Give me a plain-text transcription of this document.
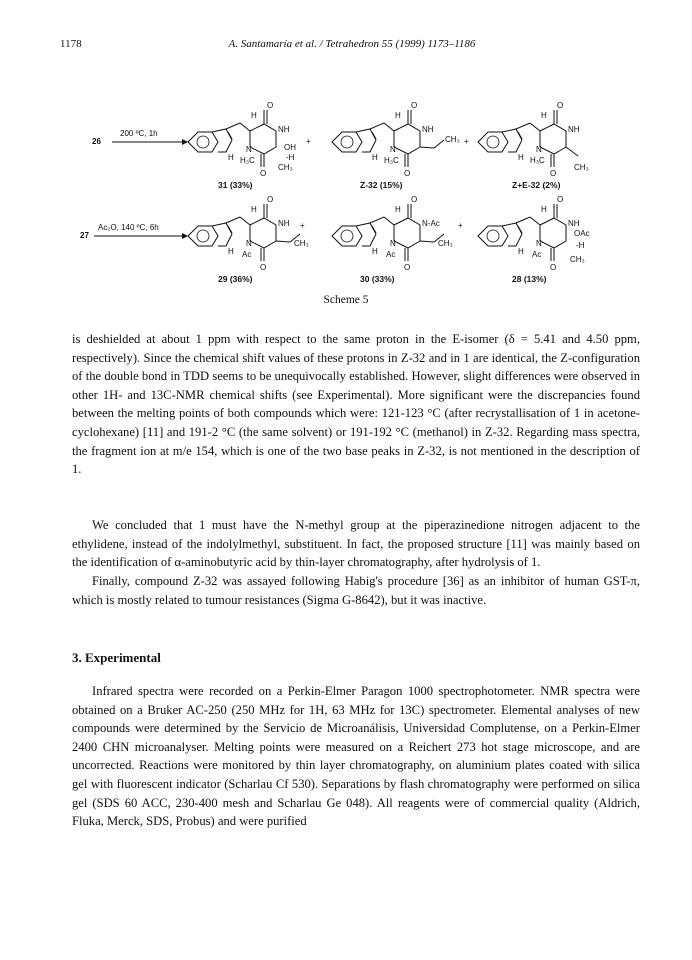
1178	A. Santamaría et al. / Tetrahedron 55 (1999) 1173–1186
26
200 ºC, 1h
H
O
NH
N
H H₃C
O
OH
-H
CH₃
+
H
O
NH
N
H H₃C
O
CH₃ +
H
O
NH
N
H H₃C
O
CH₃
31 (33%)	Z-32 (15%)	Z+E-32 (2%)
27
Ac₂O, 140 ºC, 6h
H
O
NH
N
H Ac
O
CH₃
+
H
O
N-Ac
N
H Ac
O
CH₃
+
H
O
NH
N
H Ac
O
OAc
-H
CH₃
29 (36%)	30 (33%)	28 (13%)
Scheme 5

is deshielded at about 1 ppm with respect to the same proton in the E-isomer (δ = 5.41 and 4.50 ppm, respectively). Since the chemical shift values of these protons in Z-32 and in 1 are identical, the Z-configuration of the double bond in TDD seems to be unequivocally established. However, slight differences were observed in other 1H- and 13C-NMR chemical shifts (see Experimental). More significant were the discrepancies found between the melting points of both compounds which were: 121-123 °C (after recrystallisation of 1 in acetone-cyclohexane) [11] and 191-2 °C (the same solvent) or 191-192 °C (methanol) in Z-32. Regarding mass spectra, the fragment ion at m/e 154, which is one of the two base peaks in Z-32, is not mentioned in the description of 1.

We concluded that 1 must have the N-methyl group at the piperazinedione nitrogen adjacent to the ethylidene, instead of the indolylmethyl, substituent. In fact, the proposed structure [11] was mainly based on the identification of α-aminobutyric acid by thin-layer chromatography, after hydrolysis of 1.

Finally, compound Z-32 was assayed following Habig's procedure [36] as an inhibitor of human GST-π, which is mostly related to tumour resistances (Sigma G-8642), but it was inactive.

3. Experimental

Infrared spectra were recorded on a Perkin-Elmer Paragon 1000 spectrophotometer. NMR spectra were obtained on a Bruker AC-250 (250 MHz for 1H, 63 MHz for 13C) spectrometer. Elemental analyses of new compounds were determined by the Servicio de Microanálisis, Universidad Complutense, on a Perkin-Elmer 2400 CHN microanalyser. Melting points were measured on a Reichert 273 hot stage microscope, and are uncorrected. Reactions were monitored by thin layer chromatography, on aluminium plates coated with silica gel with fluorescent indicator (Scharlau Cf 530). Separations by flash chromatography were performed on silica gel (SDS 60 ACC, 230-400 mesh and Scharlau Ge 048). All reagents were of commercial quality (Aldrich, Fluka, Merck, SDS, Probus) and were purified
